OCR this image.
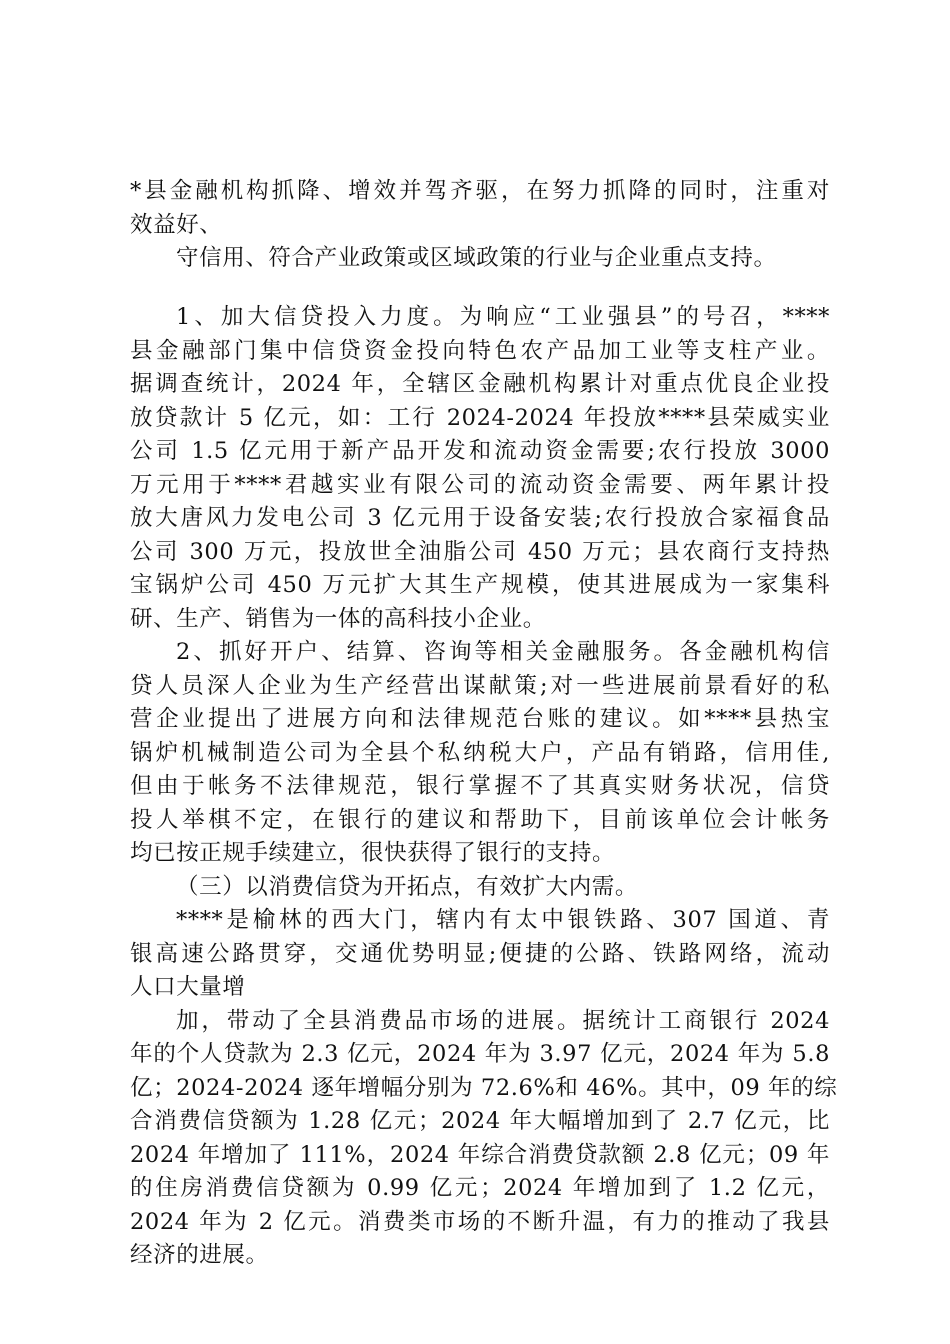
*县金融机构抓降、增效并驾齐驱，在努力抓降的同时，注重对
效益好、
守信用、符合产业政策或区域政策的行业与企业重点支持。
1、加大信贷投入力度。为响应“工业强县”的号召，****
县金融部门集中信贷资金投向特色农产品加工业等支柱产业。
据调查统计，2024 年，全辖区金融机构累计对重点优良企业投
放贷款计 5 亿元，如：工行 2024-2024 年投放****县荣威实业
公司 1.5 亿元用于新产品开发和流动资金需要;农行投放 3000
万元用于****君越实业有限公司的流动资金需要、两年累计投
放大唐风力发电公司 3 亿元用于设备安装;农行投放合家福食品
公司 300 万元，投放世全油脂公司 450 万元；县农商行支持热
宝锅炉公司 450 万元扩大其生产规模，使其进展成为一家集科
研、生产、销售为一体的高科技小企业。
2、抓好开户、结算、咨询等相关金融服务。各金融机构信
贷人员深人企业为生产经营出谋献策;对一些进展前景看好的私
营企业提出了进展方向和法律规范台账的建议。如****县热宝
锅炉机械制造公司为全县个私纳税大户，产品有销路，信用佳,
但由于帐务不法律规范，银行掌握不了其真实财务状况，信贷
投人举棋不定，在银行的建议和帮助下，目前该单位会计帐务
均已按正规手续建立，很快获得了银行的支持。
（三）以消费信贷为开拓点，有效扩大内需。
****是榆林的西大门，辖内有太中银铁路、307 国道、青
银高速公路贯穿，交通优势明显;便捷的公路、铁路网络，流动
人口大量增
加，带动了全县消费品市场的进展。据统计工商银行 2024
年的个人贷款为 2.3 亿元，2024 年为 3.97 亿元，2024 年为 5.8
亿；2024-2024 逐年增幅分别为 72.6%和 46%。其中，09 年的综
合消费信贷额为 1.28 亿元；2024 年大幅增加到了 2.7 亿元，比
2024 年增加了 111%，2024 年综合消费贷款额 2.8 亿元；09 年
的住房消费信贷额为 0.99 亿元；2024 年增加到了 1.2 亿元，
2024 年为 2 亿元。消费类市场的不断升温，有力的推动了我县
经济的进展。
